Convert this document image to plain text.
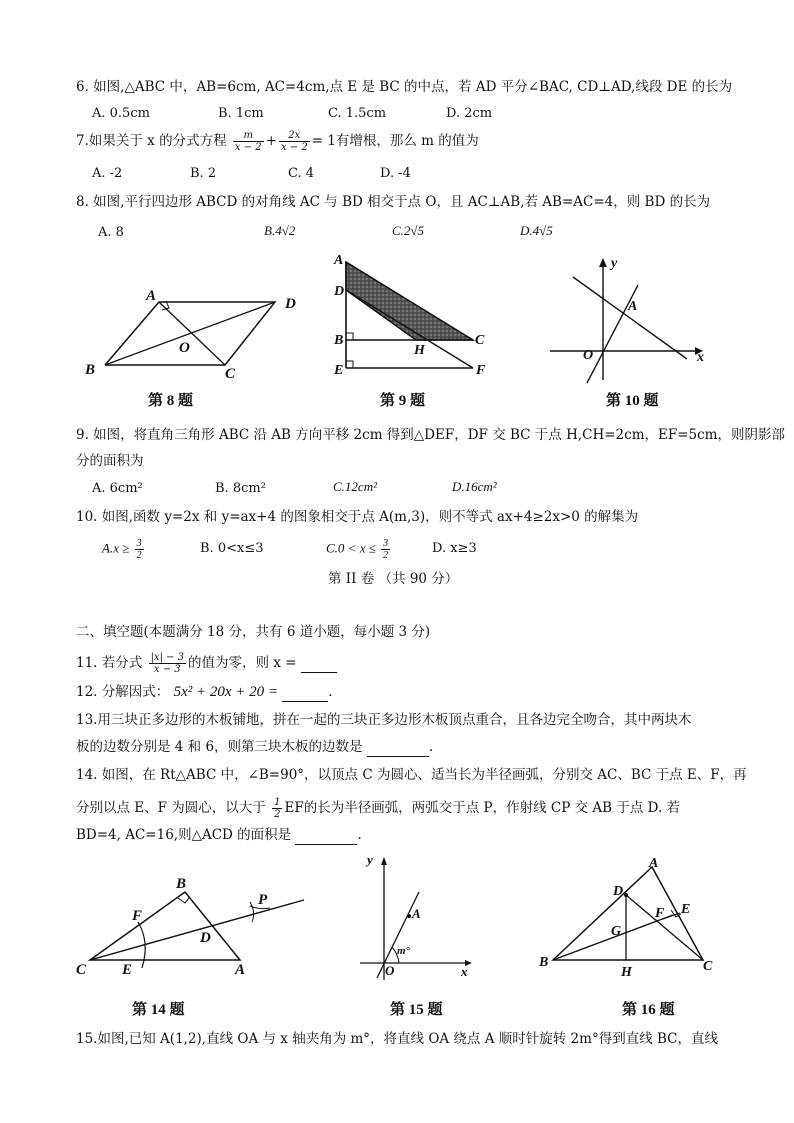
6. 如图,△ABC 中，AB=6cm, AC=4cm,点 E 是 BC 的中点，若 AD 平分∠BAC, CD⊥AD,线段 DE 的长为
A. 0.5cm	B. 1cm	C. 1.5cm	D. 2cm
7.如果关于 x 的分式方程 $\frac{m}{x - 2} + \frac{2x}{x - 2} = 1$有增根，那么 m 的值为
A. -2	B. 2	C. 4	D. -4
8. 如图,平行四边形 ABCD 的对角线 AC 与 BD 相交于点 O，且 AC⊥AB,若 AB=AC=4，则 BD 的长为
A. 8	B.4√2	C.2√5	D.4√5
A	D
O
B	C
第 8 题
A
D
B
H
C
E	F
第 9 题
y
A
O	x
第 10 题
9. 如图，将直角三角形 ABC 沿 AB 方向平移 2cm 得到△DEF，DF 交 BC 于点 H,CH=2cm，EF=5cm，则阴影部
分的面积为
A. 6cm²	B. 8cm²	C.12cm²	D.16cm²
10. 如图,函数 y=2x 和 y=ax+4 的图象相交于点 A(m,3)，则不等式 ax+4≥2x>0 的解集为
$A.x \ge \frac{3}{2}$	B. 0<x≤3	$C.0 < x \le \frac{3}{2}$	D. x≥3
第 II 卷 （共 90 分）
二、填空题(本题满分 18 分，共有 6 道小题，每小题 3 分)
11. 若分式 $\frac{|x| - 3}{x - 3}$ 的值为零，则 x =
12. 分解因式： 5x² + 20x + 20 =	.
13.用三块正多边形的木板铺地，拼在一起的三块正多边形木板顶点重合，且各边完全吻合，其中两块木
板的边数分别是 4 和 6，则第三块木板的边数是	.
14. 如图，在 Rt△ABC 中，∠B=90°，以顶点 C 为圆心、适当长为半径画弧，分别交 AC、BC 于点 E、F，再
分别以点 E、F 为圆心，以大于 $\frac{1}{2}$ EF的长为半径画弧，两弧交于点 P，作射线 CP 交 AB 于点 D. 若
BD=4, AC=16,则△ACD 的面积是	.
B
F
P
D
C E	A
第 14 题
y
A
m°
O	x
第 15 题
A
D
F E
G
B
H	C
第 16 题
15.如图,已知 A(1,2),直线 OA 与 x 轴夹角为 m°，将直线 OA 绕点 A 顺时针旋转 2m°得到直线 BC，直线
